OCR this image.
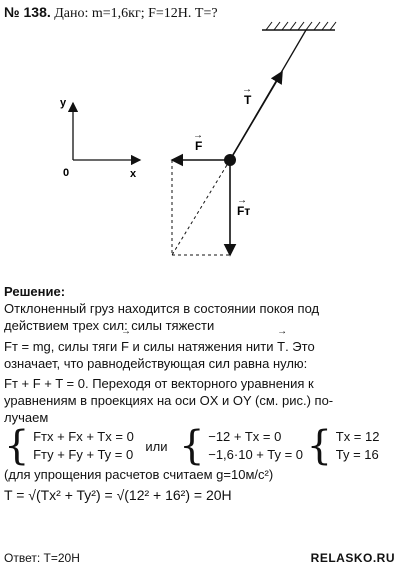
№ 138. Дано: m=1,6кг; F=12Н. Т=?
y
x
0
T
→
F
→
Fт
→
Решение:
Отклоненный груз находится в состоянии покоя под
действием трех сил: силы тяжести
Fт = mg, силы тяги → F и силы натяжения нити → T. Это
означает, что равнодействующая сил равна нулю:
Fт + F + T = 0. Переходя от векторного уравнения к
уравнениям в проекциях на оси OX и OY (см. рис.) по-
лучаем
{ Fтх + Fx + Tx = 0
Fту + Fy + Ty = 0
или { −12 + Tx = 0
−1,6·10 + Ty = 0 { Tx = 12
Ty = 16
(для упрощения расчетов считаем g=10м/c²)
T = √(Tx² + Ty²) = √(12² + 16²) = 20Н
Ответ: Т=20Н	RELASKO.RU
